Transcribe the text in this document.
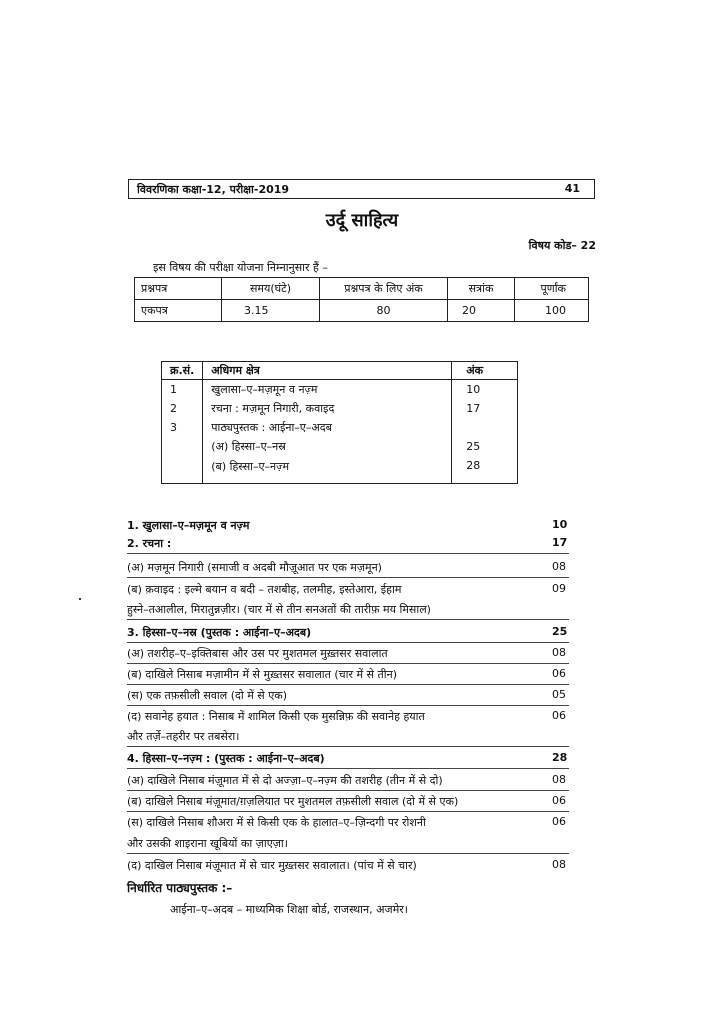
विवरणिका कक्षा-12, परीक्षा-2019	41
उर्दू साहित्य
विषय कोड– 22
इस विषय की परीक्षा योजना निम्नानुसार हैं –
प्रश्नपत्र	समय(घंटे)	प्रश्नपत्र के लिए अंक	सत्रांक	पूर्णांक
एकपत्र	3.15	80	20	100
क्र.सं.	अधिगम क्षेत्र	अंक
1	खुलासा–ए–मज़मून व नज़्म	10
2	रचना : मज़मून निगारी, कवाइद	17
3	पाठ्यपुस्तक : आईना–ए–अदब	
	(अ) हिस्सा–ए–नस्र	25
	(ब) हिस्सा–ए–नज़्म	28
1. खुलासा–ए–मज़मून व नज़्म	10
2. रचना :	17
(अ) मज़मून निगारी (समाजी व अदबी मौज़ूआत पर एक मज़मून)	08
(ब) क़वाइद : इल्मे बयान व बदी – तशबीह, तलमीह, इस्तेआरा, ईहाम	09
हुस्ने–तआलील, मिरातुन्नज़ीर। (चार में से तीन सनअतों की तारीफ़ मय मिसाल)
3. हिस्सा–ए–नस्र (पुस्तक : आईना–ए–अदब)	25
(अ) तशरीह–ए–इक्तिबास और उस पर मुशतमल मुख़्तसर सवालात	08
(ब) दाखिले निसाब मज़ामीन में से मुख़्तसर सवालात (चार में से तीन)	06
(स) एक तफ़सीली सवाल (दो में से एक)	05
(द) सवानेह हयात : निसाब में शामिल किसी एक मुसन्निफ़ की सवानेह हयात	06
और तर्ज़े–तहरीर पर तबसेरा।
4. हिस्सा–ए–नज़्म : (पुस्तक : आईना–ए–अदब)	28
(अ) दाखिले निसाब मंज़ूमात में से दो अज्ज़ा–ए–नज़्म की तशरीह (तीन में से दो)	08
(ब) दाखिले निसाब मंज़ूमात/ग़ज़लियात पर मुशतमल तफ़सीली सवाल (दो में से एक)	06
(स) दाखिले निसाब शौअरा में से किसी एक के हालात–ए–ज़िन्दगी पर रोशनी	06
और उसकी शाइराना खूबियों का ज़ाएज़ा।
(द) दाखिल निसाब मंज़ूमात में से चार मुख़्तसर सवालात। (पांच में से चार)	08
निर्धारित पाठ्यपुस्तक :–
आईना–ए–अदब – माध्यमिक शिक्षा बोर्ड, राजस्थान, अजमेर।
